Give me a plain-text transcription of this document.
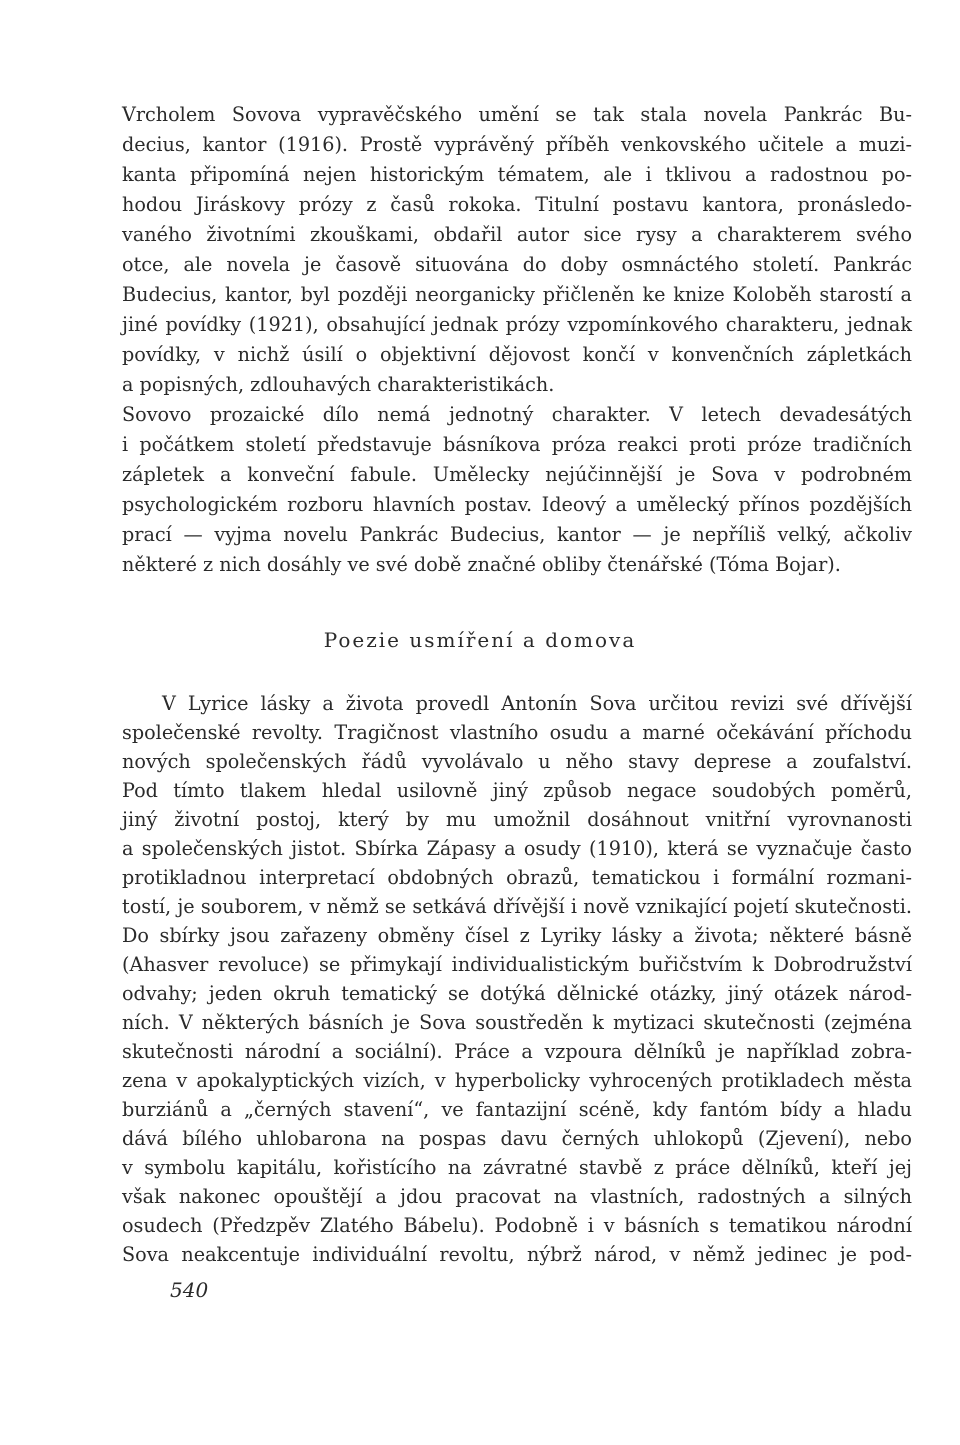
Vrcholem Sovova vypravěčského umění se tak stala novela Pankrác Bu-
decius, kantor (1916). Prostě vyprávěný příběh venkovského učitele a muzi-
kanta připomíná nejen historickým tématem, ale i tklivou a radostnou po-
hodou Jiráskovy prózy z časů rokoka. Titulní postavu kantora, pronásledo-
vaného životními zkouškami, obdařil autor sice rysy a charakterem svého
otce, ale novela je časově situována do doby osmnáctého století. Pankrác
Budecius, kantor, byl později neorganicky přičleněn ke knize Koloběh starostí a
jiné povídky (1921), obsahující jednak prózy vzpomínkového charakteru, jednak
povídky, v nichž úsilí o objektivní dějovost končí v konvenčních zápletkách
a popisných, zdlouhavých charakteristikách.
Sovovo prozaické dílo nemá jednotný charakter. V letech devadesátých
i počátkem století představuje básníkova próza reakci proti próze tradičních
zápletek a konveční fabule. Umělecky nejúčinnější je Sova v podrobném
psychologickém rozboru hlavních postav. Ideový a umělecký přínos pozdějších
prací — vyjma novelu Pankrác Budecius, kantor — je nepříliš velký, ačkoliv
některé z nich dosáhly ve své době značné obliby čtenářské (Tóma Bojar).
Poezie usmíření a domova
V Lyrice lásky a života provedl Antonín Sova určitou revizi své dřívější
společenské revolty. Tragičnost vlastního osudu a marné očekávání příchodu
nových společenských řádů vyvolávalo u něho stavy deprese a zoufalství.
Pod tímto tlakem hledal usilovně jiný způsob negace soudobých poměrů,
jiný životní postoj, který by mu umožnil dosáhnout vnitřní vyrovnanosti
a společenských jistot. Sbírka Zápasy a osudy (1910), která se vyznačuje často
protikladnou interpretací obdobných obrazů, tematickou i formální rozmani-
tostí, je souborem, v němž se setkává dřívější i nově vznikající pojetí skutečnosti.
Do sbírky jsou zařazeny obměny čísel z Lyriky lásky a života; některé básně
(Ahasver revoluce) se přimykají individualistickým buřičstvím k Dobrodružství
odvahy; jeden okruh tematický se dotýká dělnické otázky, jiný otázek národ-
ních. V některých básních je Sova soustředěn k mytizaci skutečnosti (zejména
skutečnosti národní a sociální). Práce a vzpoura dělníků je například zobra-
zena v apokalyptických vizích, v hyperbolicky vyhrocených protikladech města
burziánů a „černých stavení“, ve fantazijní scéně, kdy fantóm bídy a hladu
dává bílého uhlobarona na pospas davu černých uhlokopů (Zjevení), nebo
v symbolu kapitálu, kořistícího na závratné stavbě z práce dělníků, kteří jej
však nakonec opouštějí a jdou pracovat na vlastních, radostných a silných
osudech (Předzpěv Zlatého Bábelu). Podobně i v básních s tematikou národní
Sova neakcentuje individuální revoltu, nýbrž národ, v němž jedinec je pod-
540
